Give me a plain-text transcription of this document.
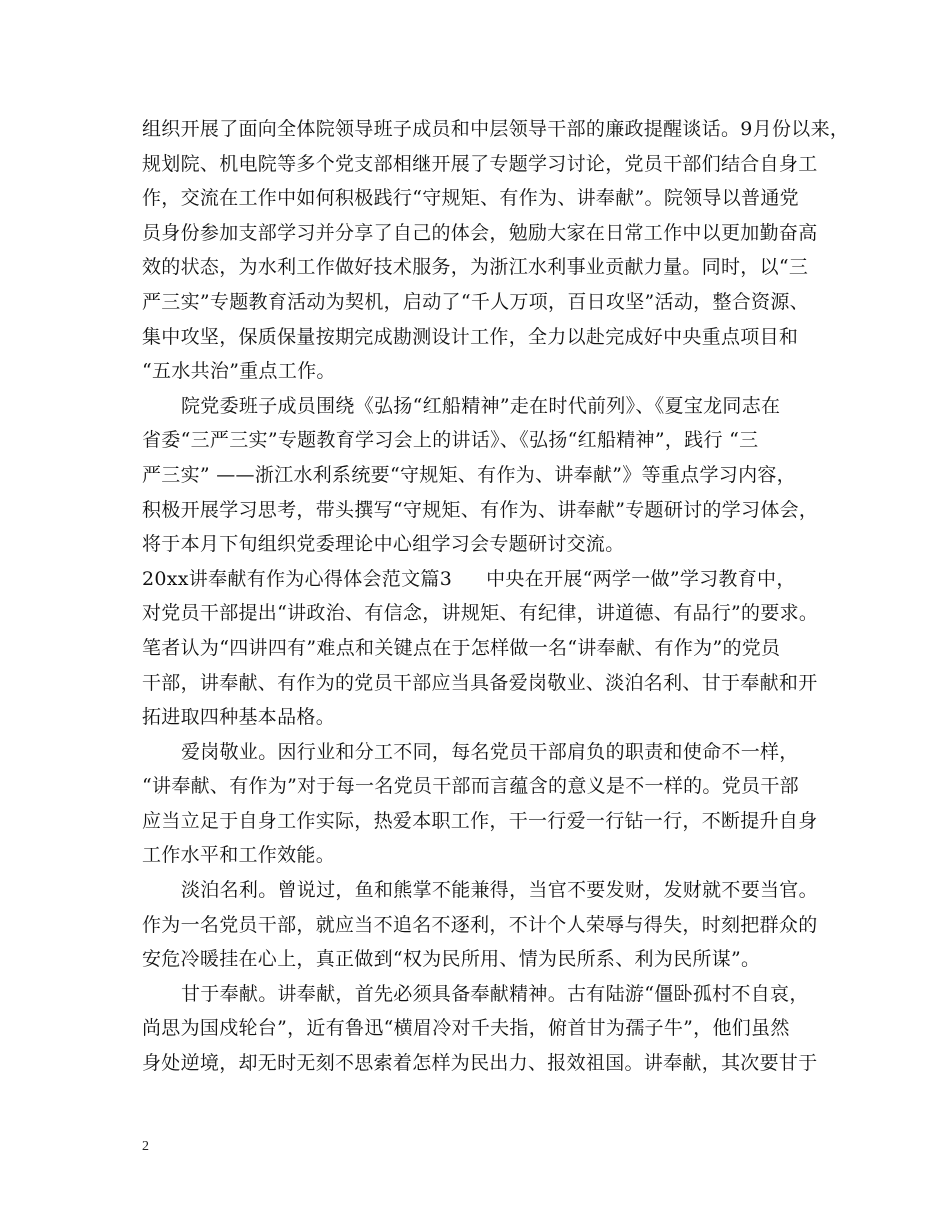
组织开展了面向全体院领导班子成员和中层领导干部的廉政提醒谈话。9月份以来，
规划院、机电院等多个党支部相继开展了专题学习讨论，党员干部们结合自身工
作，交流在工作中如何积极践行“守规矩、有作为、讲奉献”。院领导以普通党
员身份参加支部学习并分享了自己的体会，勉励大家在日常工作中以更加勤奋高
效的状态，为水利工作做好技术服务，为浙江水利事业贡献力量。同时，以“三
严三实”专题教育活动为契机，启动了“千人万项，百日攻坚”活动，整合资源、
集中攻坚，保质保量按期完成勘测设计工作，全力以赴完成好中央重点项目和
“五水共治”重点工作。

院党委班子成员围绕《弘扬“红船精神”走在时代前列》、《夏宝龙同志在
省委“三严三实”专题教育学习会上的讲话》、《弘扬“红船精神”，践行 “三
严三实” ——浙江水利系统要“守规矩、有作为、讲奉献”》等重点学习内容，
积极开展学习思考，带头撰写“守规矩、有作为、讲奉献”专题研讨的学习体会，
将于本月下旬组织党委理论中心组学习会专题研讨交流。

20xx讲奉献有作为心得体会范文篇3 中央在开展“两学一做”学习教育中，
对党员干部提出“讲政治、有信念，讲规矩、有纪律，讲道德、有品行”的要求。
笔者认为“四讲四有”难点和关键点在于怎样做一名“讲奉献、有作为”的党员
干部，讲奉献、有作为的党员干部应当具备爱岗敬业、淡泊名利、甘于奉献和开
拓进取四种基本品格。

爱岗敬业。因行业和分工不同，每名党员干部肩负的职责和使命不一样，
“讲奉献、有作为”对于每一名党员干部而言蕴含的意义是不一样的。党员干部
应当立足于自身工作实际，热爱本职工作，干一行爱一行钻一行，不断提升自身
工作水平和工作效能。

淡泊名利。曾说过，鱼和熊掌不能兼得，当官不要发财，发财就不要当官。
作为一名党员干部，就应当不追名不逐利，不计个人荣辱与得失，时刻把群众的
安危冷暖挂在心上，真正做到“权为民所用、情为民所系、利为民所谋”。

甘于奉献。讲奉献，首先必须具备奉献精神。古有陆游“僵卧孤村不自哀，
尚思为国戍轮台”，近有鲁迅“横眉冷对千夫指，俯首甘为孺子牛”，他们虽然
身处逆境，却无时无刻不思索着怎样为民出力、报效祖国。讲奉献，其次要甘于

2
